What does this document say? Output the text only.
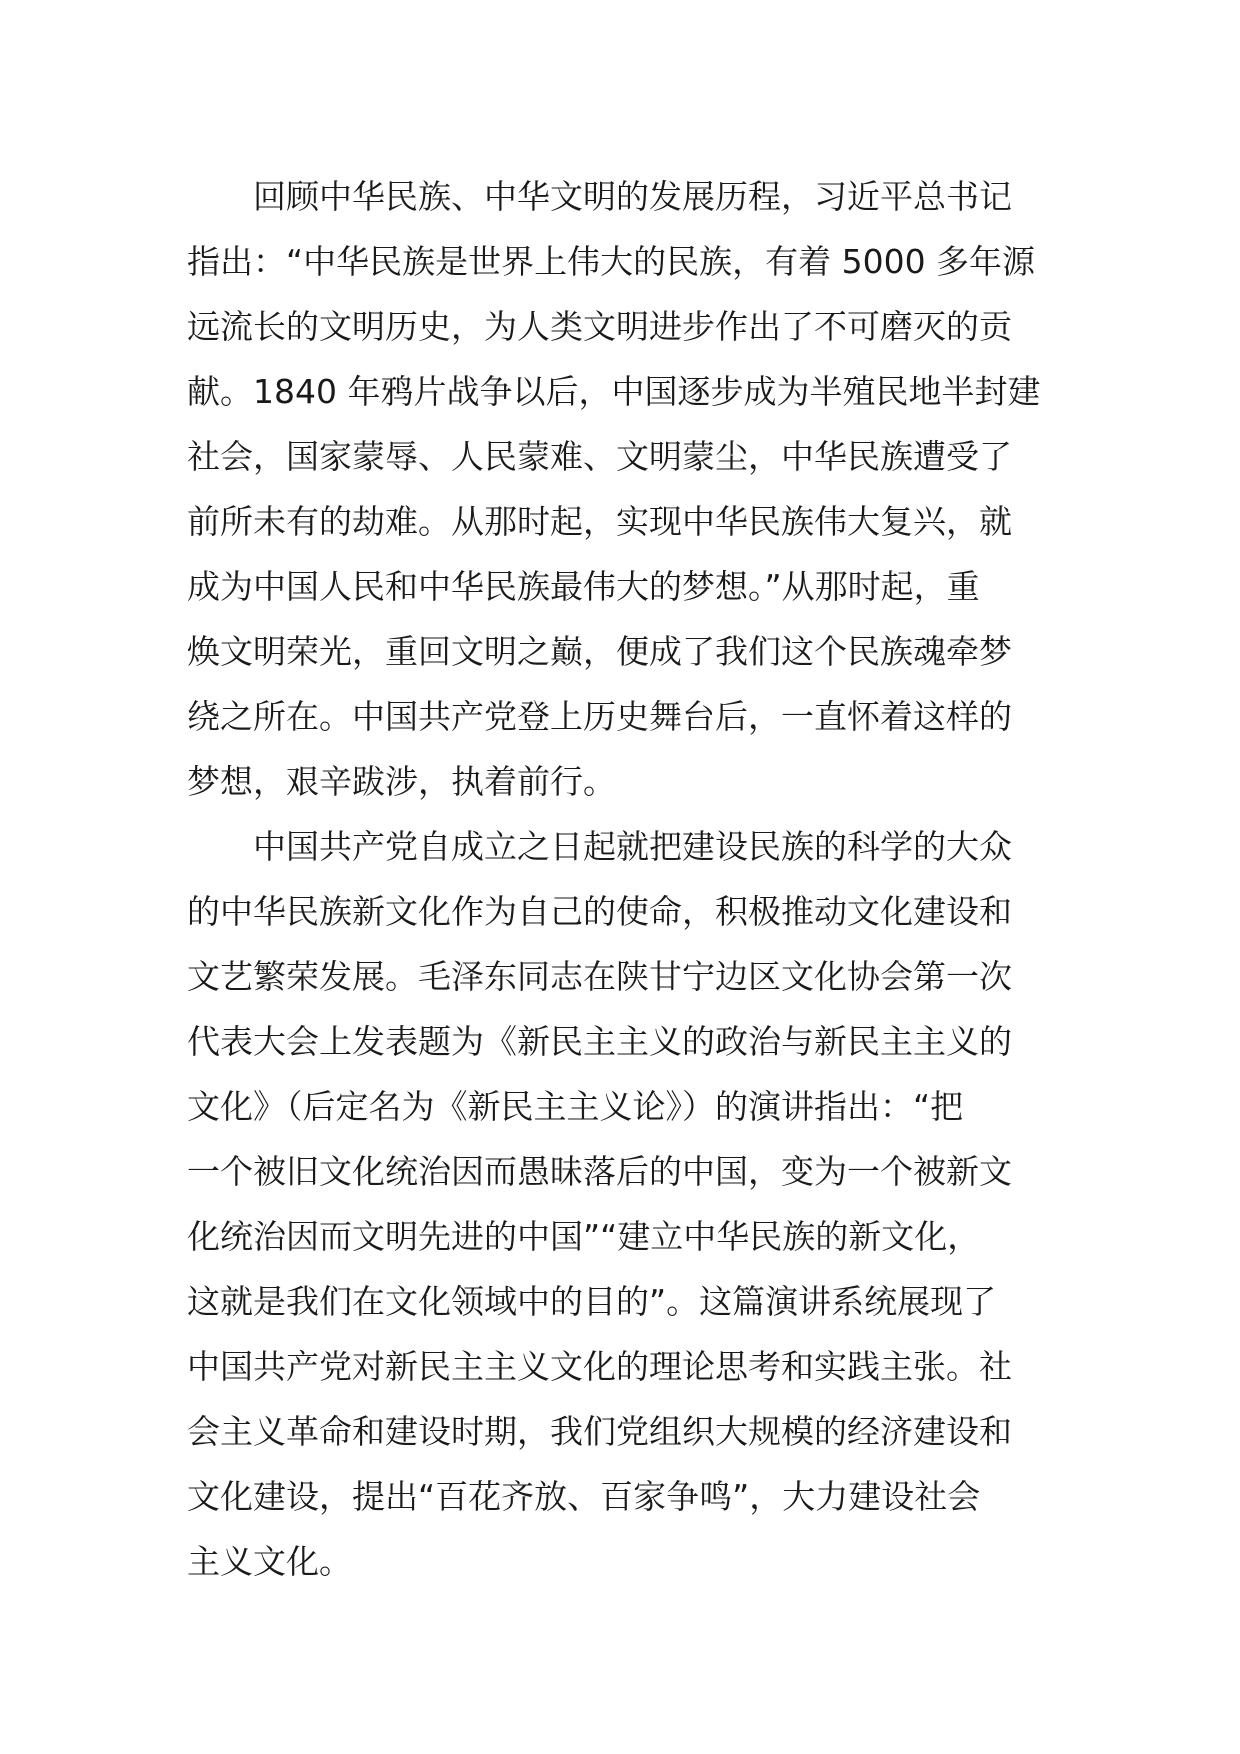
回顾中华民族、中华文明的发展历程，习近平总书记
指出：“中华民族是世界上伟大的民族，有着 5000 多年源
远流长的文明历史，为人类文明进步作出了不可磨灭的贡
献。1840 年鸦片战争以后，中国逐步成为半殖民地半封建
社会，国家蒙辱、人民蒙难、文明蒙尘，中华民族遭受了
前所未有的劫难。从那时起，实现中华民族伟大复兴，就
成为中国人民和中华民族最伟大的梦想。”从那时起，重
焕文明荣光，重回文明之巅，便成了我们这个民族魂牵梦
绕之所在。中国共产党登上历史舞台后，一直怀着这样的
梦想，艰辛跋涉，执着前行。
中国共产党自成立之日起就把建设民族的科学的大众
的中华民族新文化作为自己的使命，积极推动文化建设和
文艺繁荣发展。毛泽东同志在陕甘宁边区文化协会第一次
代表大会上发表题为《新民主主义的政治与新民主主义的
文化》（后定名为《新民主主义论》）的演讲指出：“把
一个被旧文化统治因而愚昧落后的中国，变为一个被新文
化统治因而文明先进的中国”“建立中华民族的新文化，
这就是我们在文化领域中的目的”。这篇演讲系统展现了
中国共产党对新民主主义文化的理论思考和实践主张。社
会主义革命和建设时期，我们党组织大规模的经济建设和
文化建设，提出“百花齐放、百家争鸣”，大力建设社会
主义文化。
